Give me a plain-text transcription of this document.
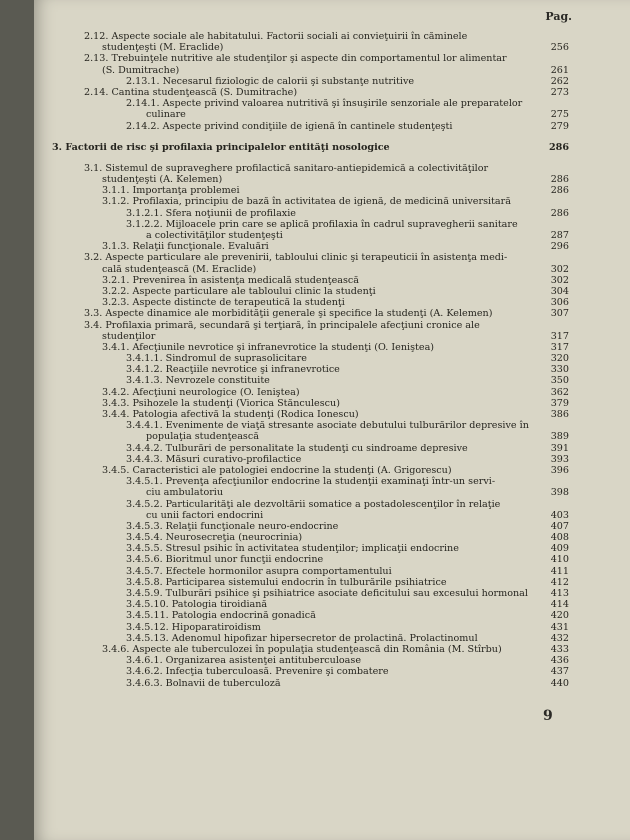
Pag.
2.12. Aspecte sociale ale habitatului. Factorii sociali ai convieţuirii în căminele
studenţeşti (M. Eraclide)	256
2.13. Trebuinţele nutritive ale studenţilor şi aspecte din comportamentul lor alimentar
(S. Dumitrache)	261
2.13.1. Necesarul fiziologic de calorii şi substanţe nutritive	262
2.14. Cantina studenţească (S. Dumitrache)	273
2.14.1. Aspecte privind valoarea nutritivă şi însuşirile senzoriale ale preparatelor
culinare	275
2.14.2. Aspecte privind condiţiile de igienă în cantinele studenţeşti	279
3. Factorii de risc şi profilaxia principalelor entităţi nosologice	286
3.1. Sistemul de supraveghere profilactică sanitaro-antiepidemică a colectivităţilor
studenţeşti (A. Kelemen)	286
3.1.1. Importanţa problemei	286
3.1.2. Profilaxia, principiu de bază în activitatea de igienă, de medicină universitară
3.1.2.1. Sfera noţiunii de profilaxie	286
3.1.2.2. Mijloacele prin care se aplică profilaxia în cadrul supravegherii sanitare
a colectivităţilor studenţeşti	287
3.1.3. Relaţii funcţionale. Evaluări	296
3.2. Aspecte particulare ale prevenirii, tabloului clinic şi terapeuticii în asistenţa medi-
cală studenţească (M. Eraclide)	302
3.2.1. Prevenirea în asistenţa medicală studenţească	302
3.2.2. Aspecte particulare ale tabloului clinic la studenţi	304
3.2.3. Aspecte distincte de terapeutică la studenţi	306
3.3. Aspecte dinamice ale morbidităţii generale şi specifice la studenţi (A. Kelemen)	307
3.4. Profilaxia primară, secundară şi terţiară, în principalele afecţiuni cronice ale
studenţilor	317
3.4.1. Afecţiunile nevrotice şi infranevrotice la studenţi (O. Ieniştea)	317
3.4.1.1. Sindromul de suprasolicitare	320
3.4.1.2. Reacţiile nevrotice şi infranevrotice	330
3.4.1.3. Nevrozele constituite	350
3.4.2. Afecţiuni neurologice (O. Ieniştea)	362
3.4.3. Psihozele la studenţi (Viorica Stănculescu)	379
3.4.4. Patologia afectivă la studenţi (Rodica Ionescu)	386
3.4.4.1. Evenimente de viaţă stresante asociate debutului tulburărilor depresive în
populaţia studenţească	389
3.4.4.2. Tulburări de personalitate la studenţi cu sindroame depresive	391
3.4.4.3. Măsuri curativo-profilactice	393
3.4.5. Caracteristici ale patologiei endocrine la studenţi (A. Grigorescu)	396
3.4.5.1. Prevenţa afecţiunilor endocrine la studenţii examinaţi într-un servi-
ciu ambulatoriu	398
3.4.5.2. Particularităţi ale dezvoltării somatice a postadolescenţilor în relaţie
cu unii factori endocrini	403
3.4.5.3. Relaţii funcţionale neuro-endocrine	407
3.4.5.4. Neurosecreţia (neurocrinia)	408
3.4.5.5. Stresul psihic în activitatea studenţilor; implicaţii endocrine	409
3.4.5.6. Bioritmul unor funcţii endocrine	410
3.4.5.7. Efectele hormonilor asupra comportamentului	411
3.4.5.8. Participarea sistemului endocrin în tulburările psihiatrice	412
3.4.5.9. Tulburări psihice şi psihiatrice asociate deficitului sau excesului hormonal	413
3.4.5.10. Patologia tiroidiană	414
3.4.5.11. Patologia endocrină gonadică	420
3.4.5.12. Hipoparatiroidism	431
3.4.5.13. Adenomul hipofizar hipersecretor de prolactină. Prolactinomul	432
3.4.6. Aspecte ale tuberculozei în populaţia studenţească din România (M. Stîrbu)	433
3.4.6.1. Organizarea asistenţei antituberculoase	436
3.4.6.2. Infecţia tuberculoasă. Prevenire şi combatere	437
3.4.6.3. Bolnavii de tuberculoză	440
9
